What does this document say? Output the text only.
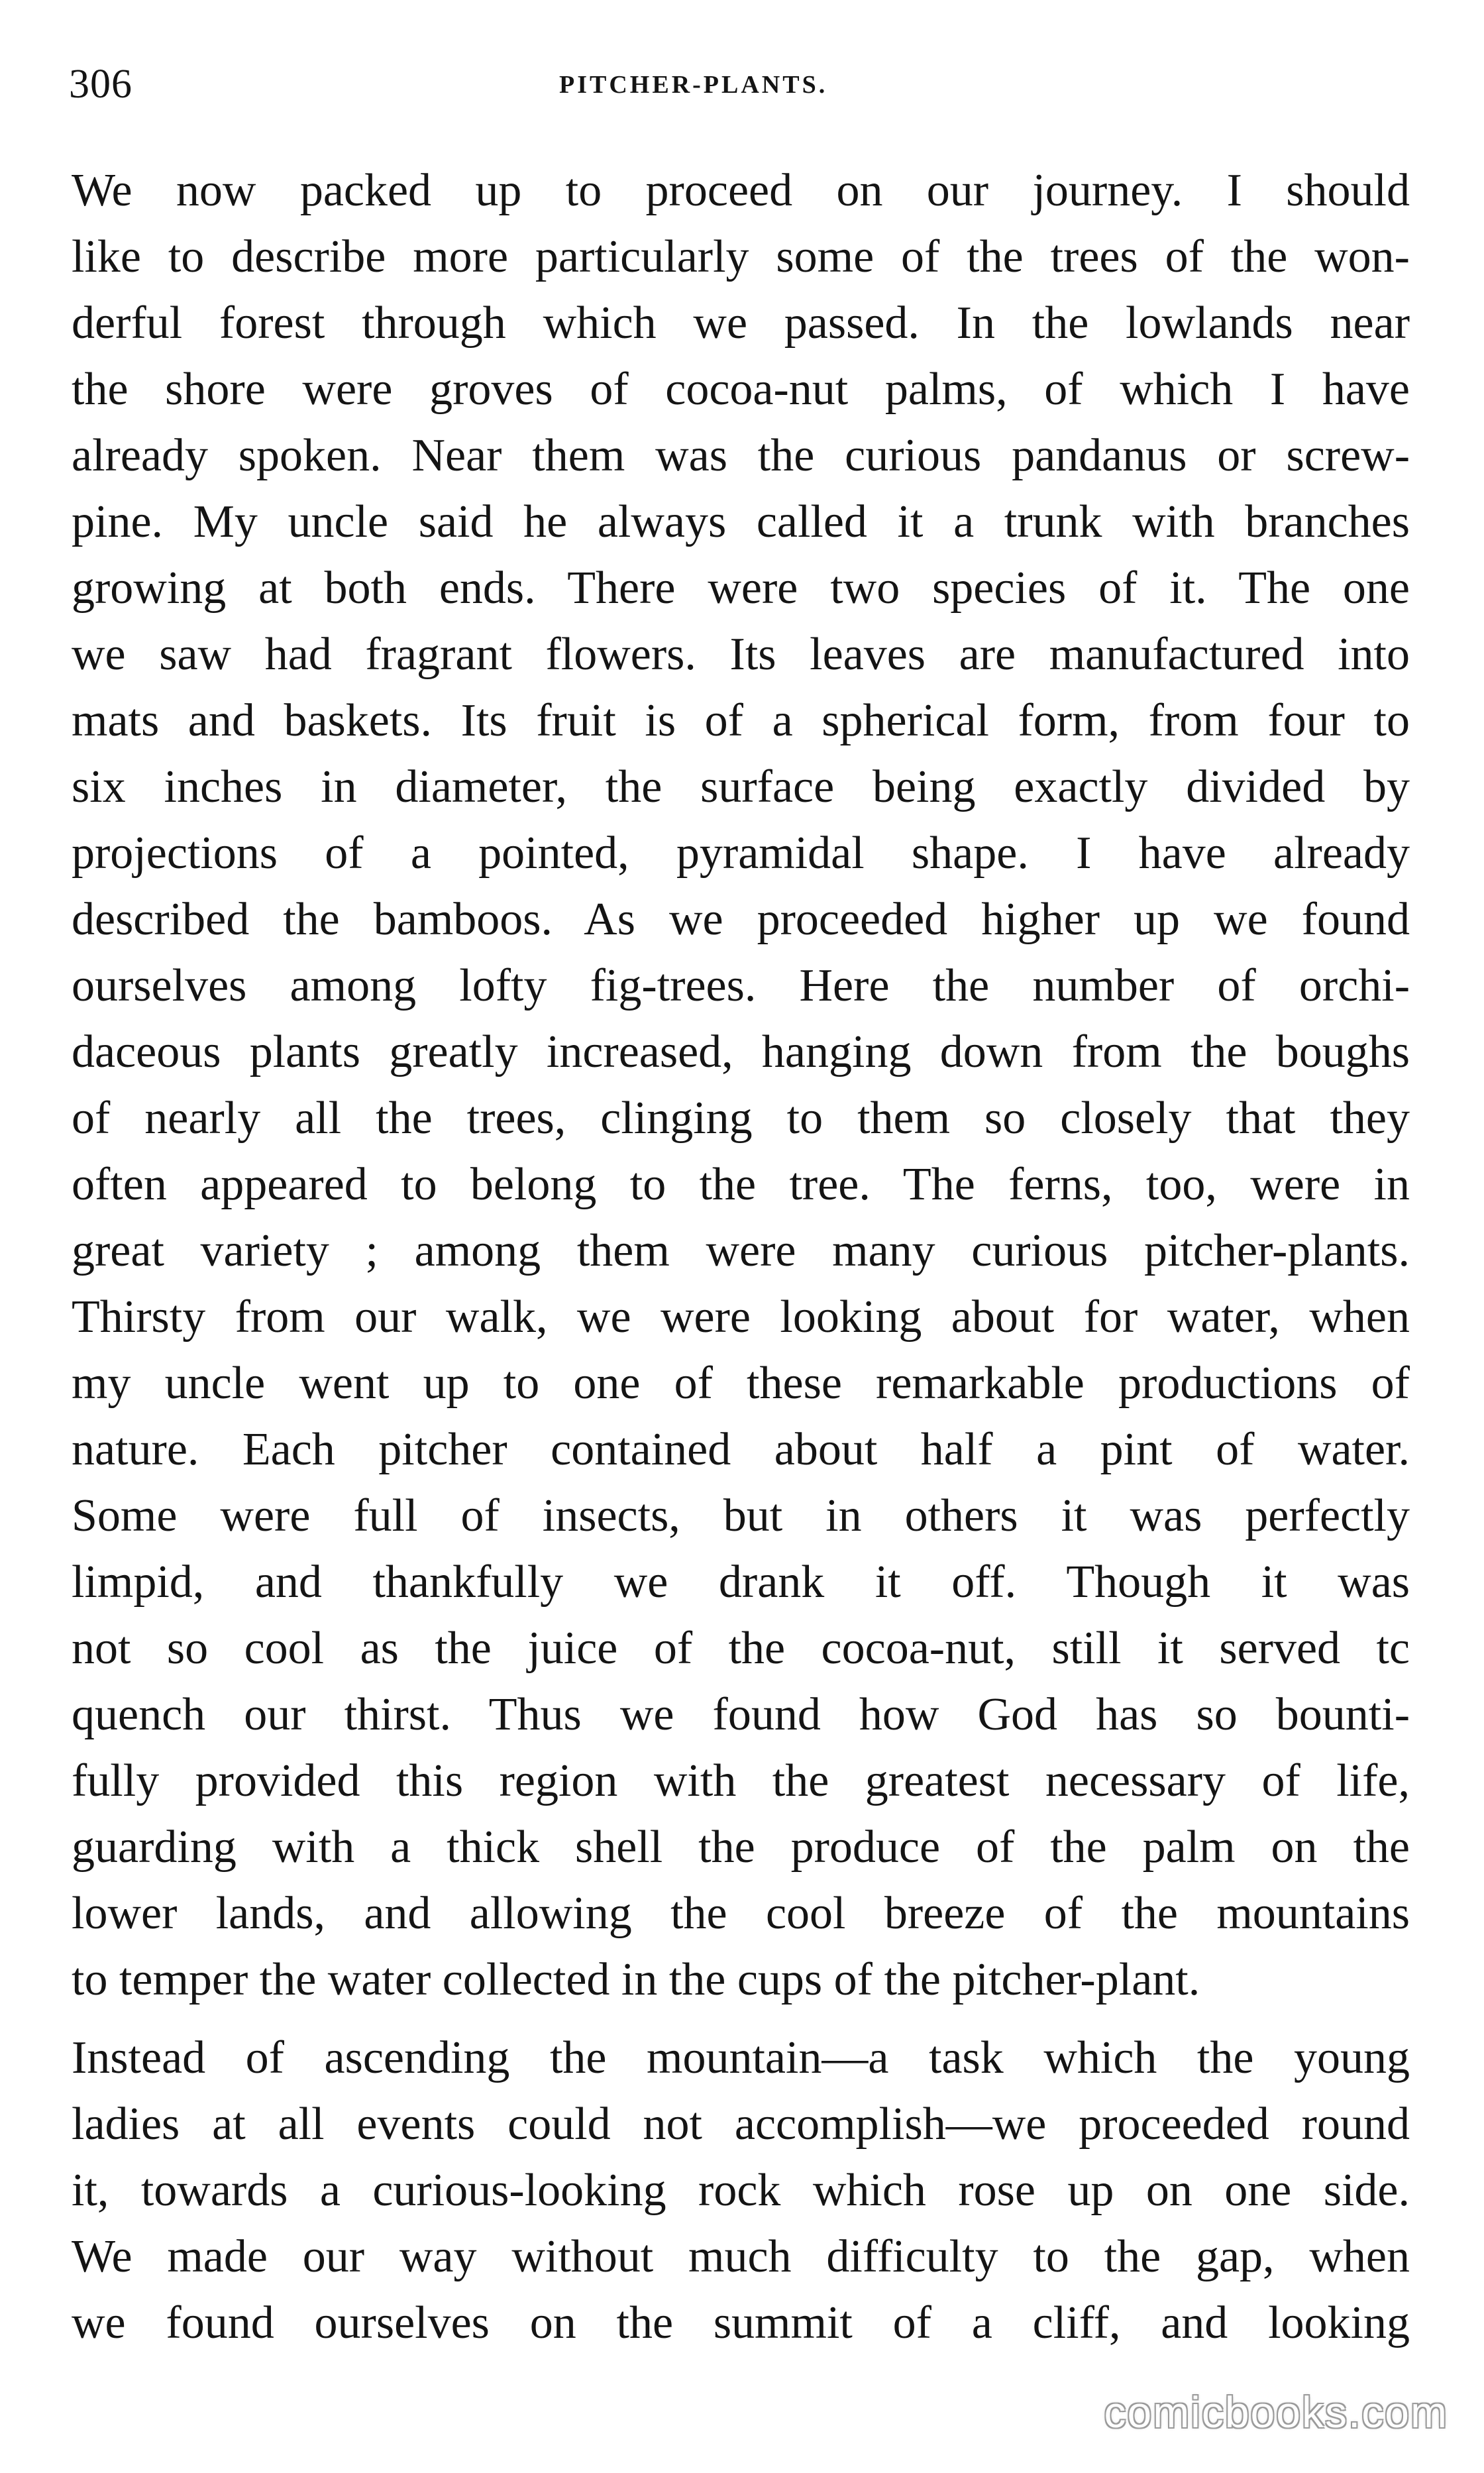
306	PITCHER-PLANTS.
We now packed up to proceed on our journey. I should
like to describe more particularly some of the trees of the won-
derful forest through which we passed. In the lowlands near
the shore were groves of cocoa-nut palms, of which I have
already spoken. Near them was the curious pandanus or screw-
pine. My uncle said he always called it a trunk with branches
growing at both ends. There were two species of it. The one
we saw had fragrant flowers. Its leaves are manufactured into
mats and baskets. Its fruit is of a spherical form, from four to
six inches in diameter, the surface being exactly divided by
projections of a pointed, pyramidal shape. I have already
described the bamboos. As we proceeded higher up we found
ourselves among lofty fig-trees. Here the number of orchi-
daceous plants greatly increased, hanging down from the boughs
of nearly all the trees, clinging to them so closely that they
often appeared to belong to the tree. The ferns, too, were in
great variety ; among them were many curious pitcher-plants.
Thirsty from our walk, we were looking about for water, when
my uncle went up to one of these remarkable productions of
nature. Each pitcher contained about half a pint of water.
Some were full of insects, but in others it was perfectly
limpid, and thankfully we drank it off. Though it was
not so cool as the juice of the cocoa-nut, still it served tc
quench our thirst. Thus we found how God has so bounti-
fully provided this region with the greatest necessary of life,
guarding with a thick shell the produce of the palm on the
lower lands, and allowing the cool breeze of the mountains
to temper the water collected in the cups of the pitcher-plant.
Instead of ascending the mountain—a task which the young
ladies at all events could not accomplish—we proceeded round
it, towards a curious-looking rock which rose up on one side.
We made our way without much difficulty to the gap, when
we found ourselves on the summit of a cliff, and looking
comicbooks.com
